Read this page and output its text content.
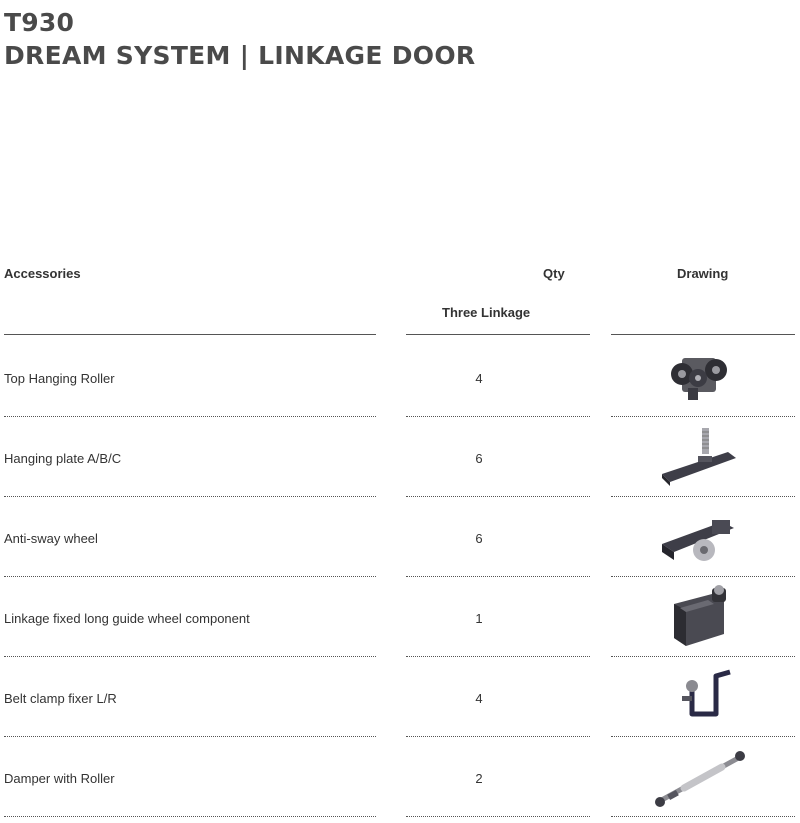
T930
DREAM SYSTEM | LINKAGE DOOR
Accessories	Qty	Drawing
Three Linkage
Top Hanging Roller	4
Hanging plate A/B/C	6
Anti-sway wheel	6
Linkage fixed long guide wheel component	1
Belt clamp fixer L/R	4
Damper with Roller	2
